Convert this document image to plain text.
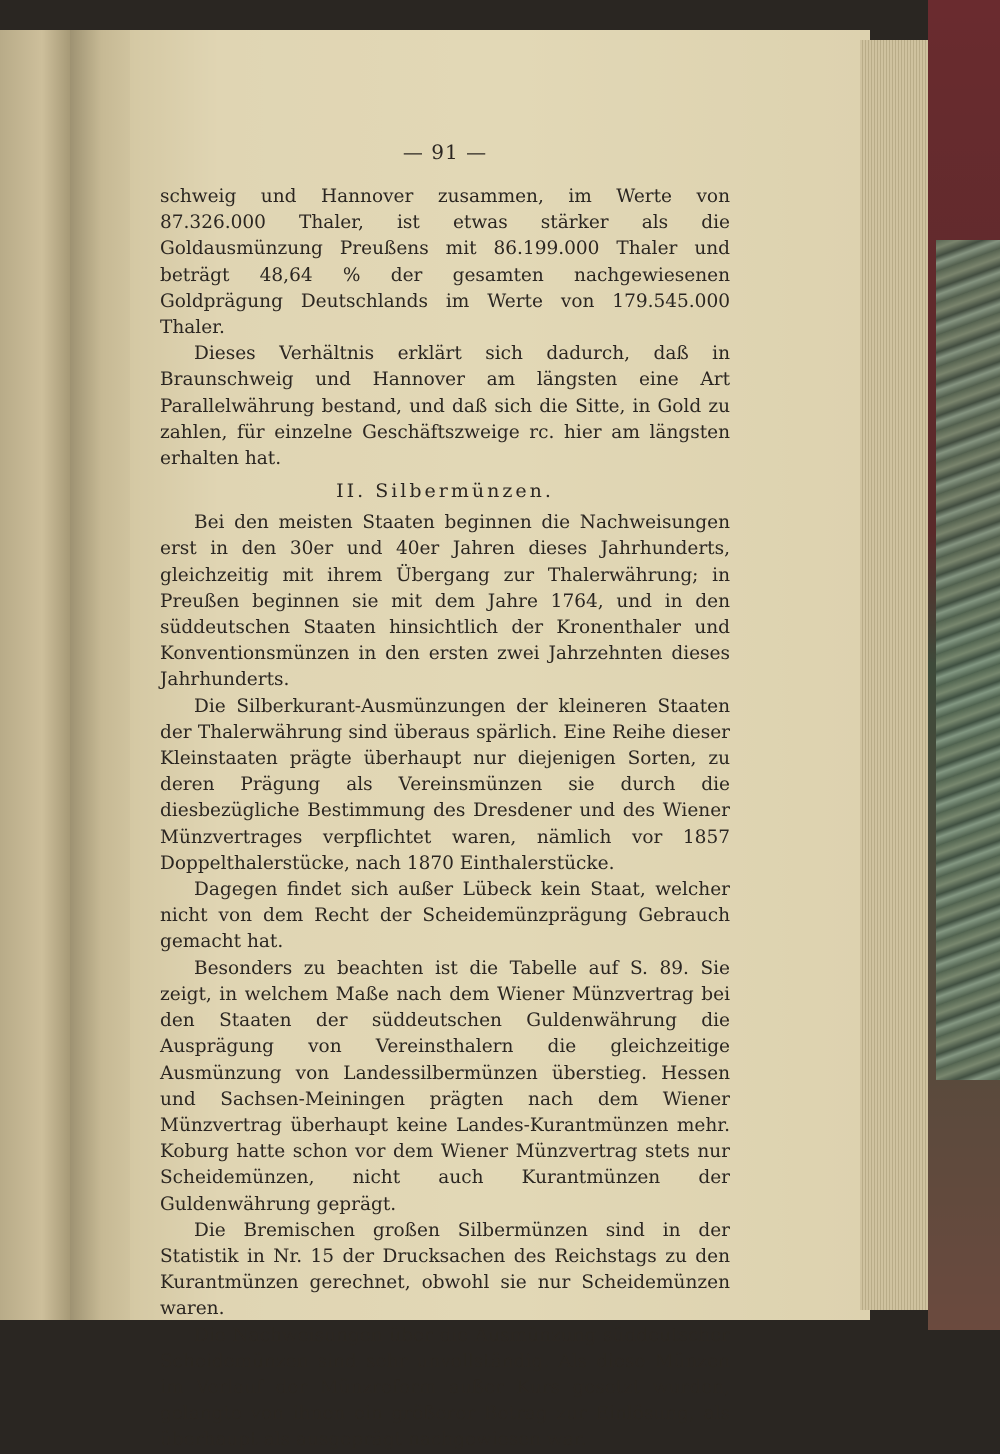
— 91 —

schweig und Hannover zusammen, im Werte von 87.326.000 Thaler, ist etwas stärker als die Goldausmünzung Preußens mit 86.199.000 Thaler und beträgt 48,64 % der gesamten nachgewiesenen Goldprägung Deutschlands im Werte von 179.545.000 Thaler.

Dieses Verhältnis erklärt sich dadurch, daß in Braunschweig und Hannover am längsten eine Art Parallelwährung bestand, und daß sich die Sitte, in Gold zu zahlen, für einzelne Geschäftszweige rc. hier am längsten erhalten hat.

II. Silbermünzen.

Bei den meisten Staaten beginnen die Nachweisungen erst in den 30er und 40er Jahren dieses Jahrhunderts, gleichzeitig mit ihrem Übergang zur Thalerwährung; in Preußen beginnen sie mit dem Jahre 1764, und in den süddeutschen Staaten hinsichtlich der Kronenthaler und Konventionsmünzen in den ersten zwei Jahrzehnten dieses Jahrhunderts.

Die Silberkurant-Ausmünzungen der kleineren Staaten der Thalerwährung sind überaus spärlich. Eine Reihe dieser Kleinstaaten prägte überhaupt nur diejenigen Sorten, zu deren Prägung als Vereinsmünzen sie durch die diesbezügliche Bestimmung des Dresdener und des Wiener Münzvertrages verpflichtet waren, nämlich vor 1857 Doppelthalerstücke, nach 1870 Einthalerstücke.

Dagegen findet sich außer Lübeck kein Staat, welcher nicht von dem Recht der Scheidemünzprägung Gebrauch gemacht hat.

Besonders zu beachten ist die Tabelle auf S. 89. Sie zeigt, in welchem Maße nach dem Wiener Münzvertrag bei den Staaten der süddeutschen Guldenwährung die Ausprägung von Vereinsthalern die gleichzeitige Ausmünzung von Landessilbermünzen überstieg. Hessen und Sachsen-Meiningen prägten nach dem Wiener Münzvertrag überhaupt keine Landes-Kurantmünzen mehr. Koburg hatte schon vor dem Wiener Münzvertrag stets nur Scheidemünzen, nicht auch Kurantmünzen der Guldenwährung geprägt.

Die Bremischen großen Silbermünzen sind in der Statistik in Nr. 15 der Drucksachen des Reichstags zu den Kurantmünzen gerechnet, obwohl sie nur Scheidemünzen waren.

Die Nachweisungen über die Ausmünzung süddeutscher Scheidemünzen sind sehr unvollständig. Als diese Münzen im Verlauf der Münzreform außer Kurs gesetzt wurden, gelangte von ihnen ein größerer Betrag zur Einlösung, als überhaupt als ausgeprägt nachgewiesen war.
